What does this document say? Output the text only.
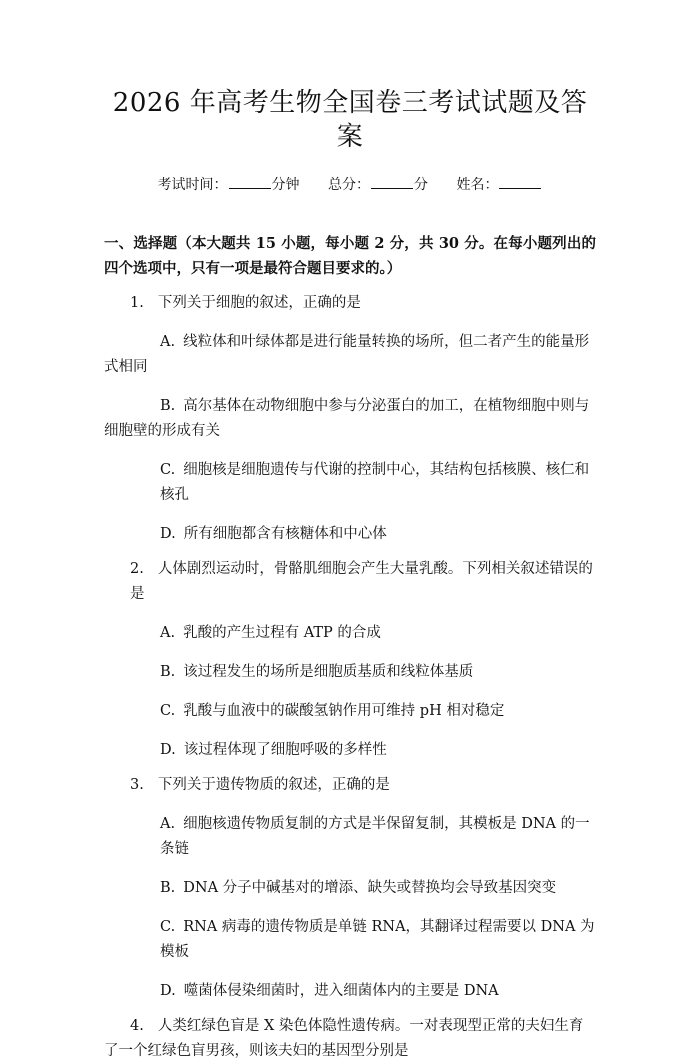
2026 年高考生物全国卷三考试试题及答案
考试时间：	分钟 总分：	分 姓名：
一、选择题（本大题共 15 小题，每小题 2 分，共 30 分。在每小题列出的四个选项中，只有一项是最符合题目要求的。）
1. 下列关于细胞的叙述，正确的是
A. 线粒体和叶绿体都是进行能量转换的场所，但二者产生的能量形式相同
B. 高尔基体在动物细胞中参与分泌蛋白的加工，在植物细胞中则与细胞壁的形成有关
C. 细胞核是细胞遗传与代谢的控制中心，其结构包括核膜、核仁和核孔
D. 所有细胞都含有核糖体和中心体
2. 人体剧烈运动时，骨骼肌细胞会产生大量乳酸。下列相关叙述错误的是
A. 乳酸的产生过程有 ATP 的合成
B. 该过程发生的场所是细胞质基质和线粒体基质
C. 乳酸与血液中的碳酸氢钠作用可维持 pH 相对稳定
D. 该过程体现了细胞呼吸的多样性
3. 下列关于遗传物质的叙述，正确的是
A. 细胞核遗传物质复制的方式是半保留复制，其模板是 DNA 的一条链
B. DNA 分子中碱基对的增添、缺失或替换均会导致基因突变
C. RNA 病毒的遗传物质是单链 RNA，其翻译过程需要以 DNA 为模板
D. 噬菌体侵染细菌时，进入细菌体内的主要是 DNA
4. 人类红绿色盲是 X 染色体隐性遗传病。一对表现型正常的夫妇生育了一个红绿色盲男孩，则该夫妇的基因型分别是
